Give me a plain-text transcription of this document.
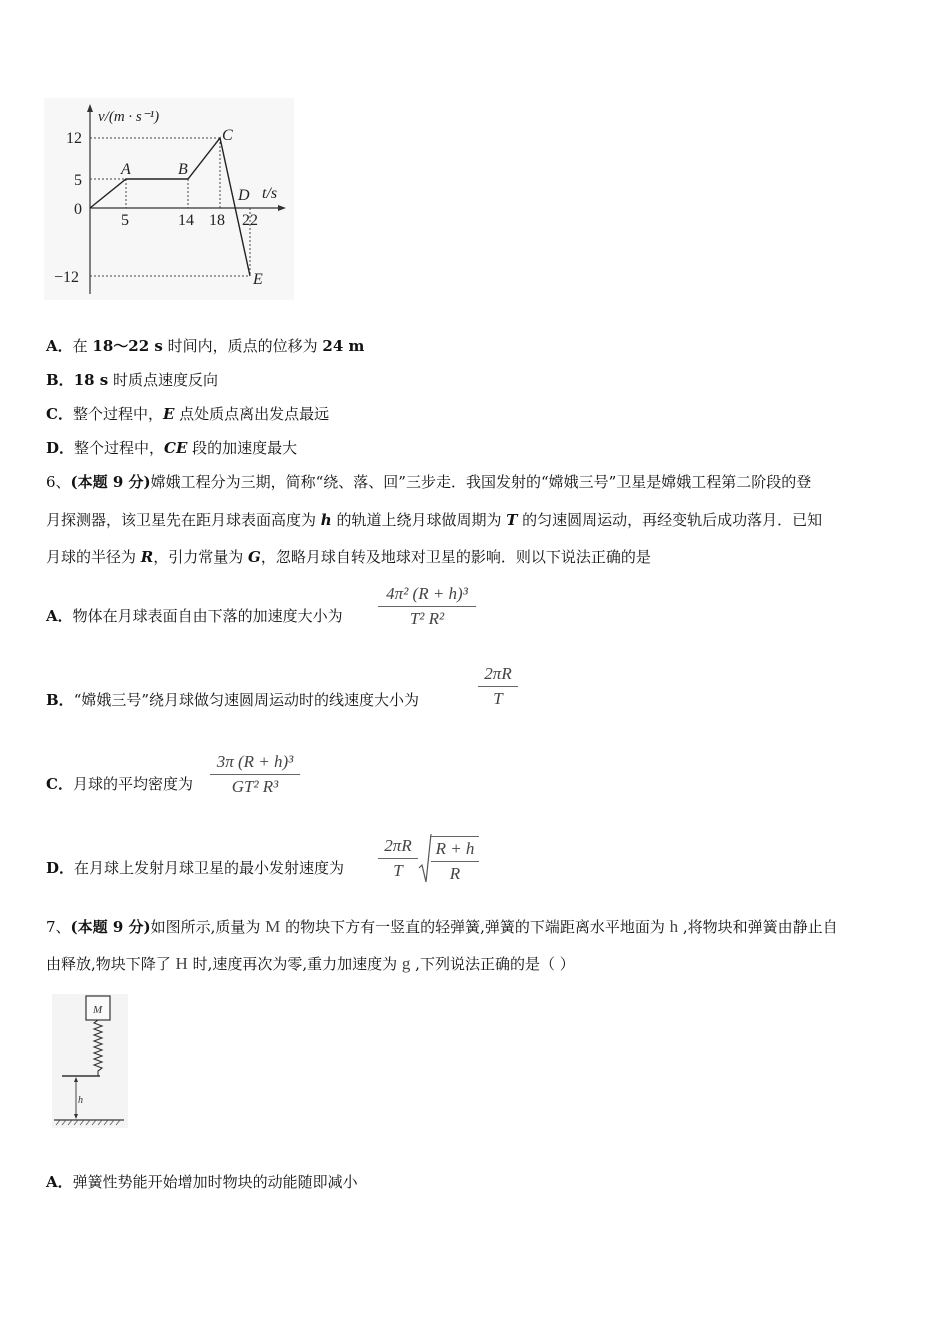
v/(m · s⁻¹)
t/s
12
5
0
−12
5	14 18 22
A	B
C
D
E
A．在 18～22 s 时间内，质点的位移为 24 m
B．18 s 时质点速度反向
C．整个过程中，E 点处质点离出发点最远
D．整个过程中，CE 段的加速度最大
6、(本题 9 分)嫦娥工程分为三期，简称“绕、落、回”三步走．我国发射的“嫦娥三号”卫星是嫦娥工程第二阶段的登
月探测器，该卫星先在距月球表面高度为 h 的轨道上绕月球做周期为 T 的匀速圆周运动，再经变轨后成功落月．已知
月球的半径为 R，引力常量为 G，忽略月球自转及地球对卫星的影响．则以下说法正确的是
A．物体在月球表面自由下落的加速度大小为
4π² (R + h)³
T² R²
B．“嫦娥三号”绕月球做匀速圆周运动时的线速度大小为
2πR
T
C．月球的平均密度为
3π (R + h)³
GT² R³
D．在月球上发射月球卫星的最小发射速度为
2πR
T
R + h
R
7、(本题 9 分)如图所示,质量为 M 的物块下方有一竖直的轻弹簧,弹簧的下端距离水平地面为 h ,将物块和弹簧由静止自
由释放,物块下降了 H 时,速度再次为零,重力加速度为 g ,下列说法正确的是（ ）
M
h
A．弹簧性势能开始增加时物块的动能随即减小
